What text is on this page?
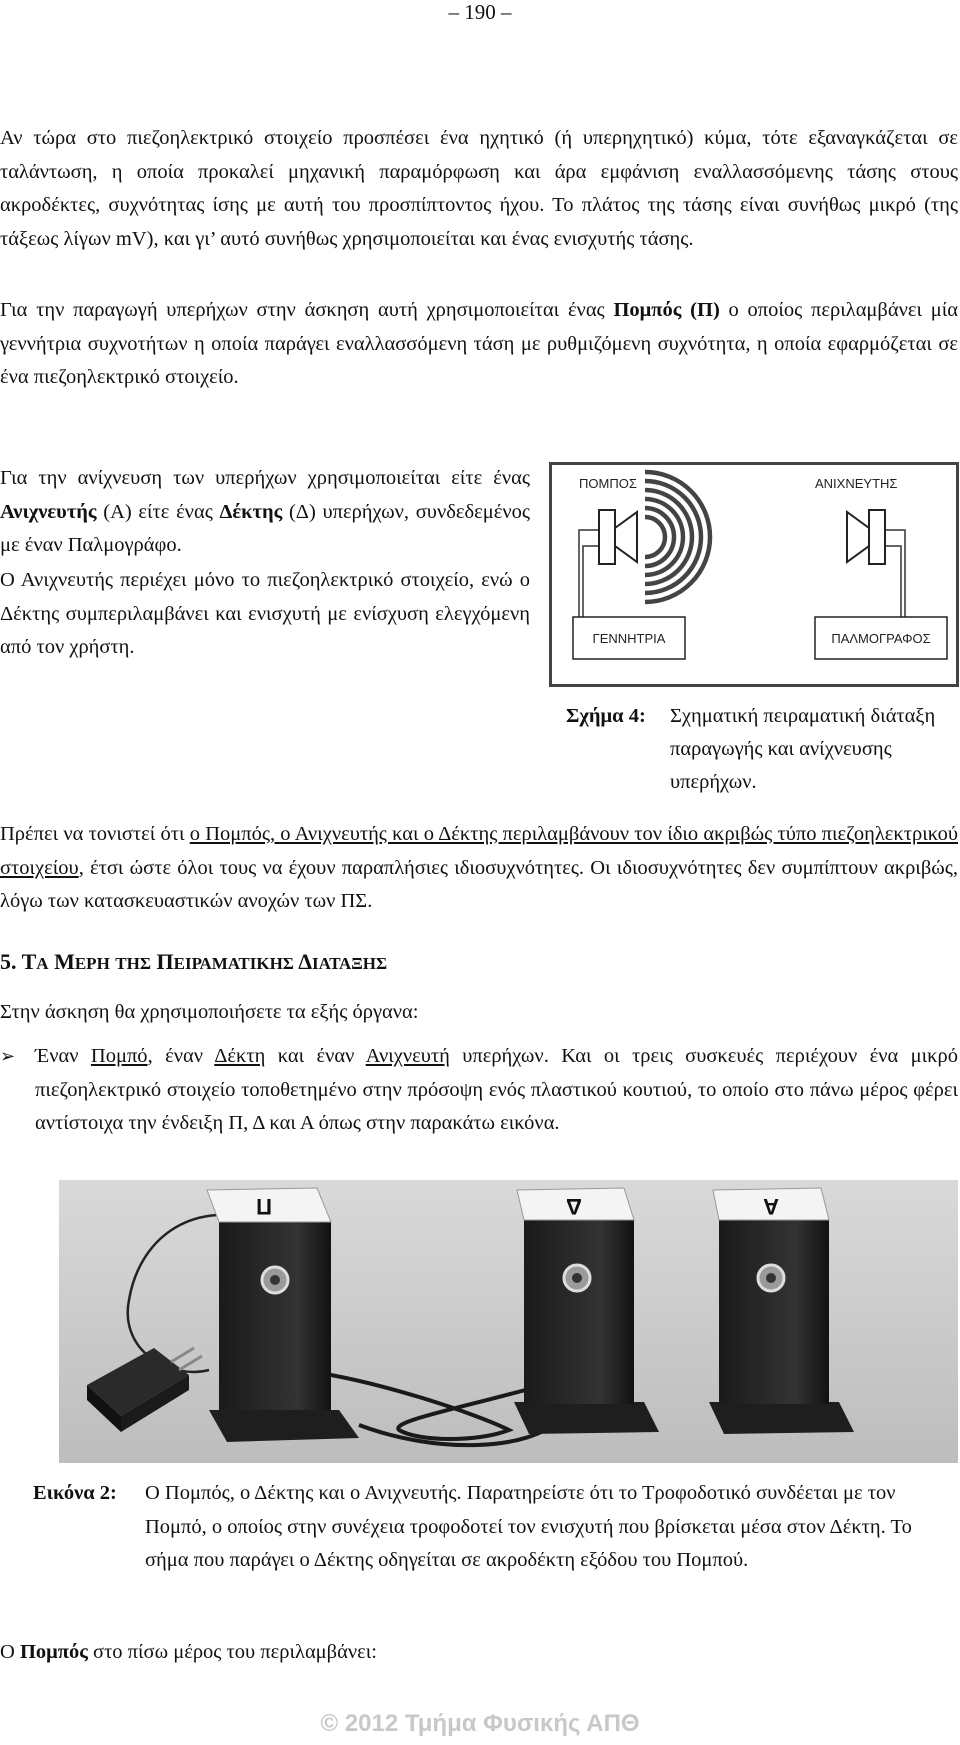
– 190 –

Αν τώρα στο πιεζοηλεκτρικό στοιχείο προσπέσει ένα ηχητικό (ή υπερηχητικό) κύμα, τότε εξαναγκάζεται σε ταλάντωση, η οποία προκαλεί μηχανική παραμόρφωση και άρα εμφάνιση εναλλασσόμενης τάσης στους ακροδέκτες, συχνότητας ίσης με αυτή του προσπίπτοντος ήχου. Το πλάτος της τάσης είναι συνήθως μικρό (της τάξεως λίγων mV), και γι’ αυτό συνήθως χρησιμοποιείται και ένας ενισχυτής τάσης.

Για την παραγωγή υπερήχων στην άσκηση αυτή χρησιμοποιείται ένας Πομπός (Π) ο οποίος περιλαμβάνει μία γεννήτρια συχνοτήτων η οποία παράγει εναλλασσόμενη τάση με ρυθμιζόμενη συχνότητα, η οποία εφαρμόζεται σε ένα πιεζοηλεκτρικό στοιχείο.

Για την ανίχνευση των υπερήχων χρησιμοποιείται είτε ένας Ανιχνευτής (Α) είτε ένας Δέκτης (Δ) υπερήχων, συνδεδεμένος με έναν Παλμογράφο.

Ο Ανιχνευτής περιέχει μόνο το πιεζοηλεκτρικό στοιχείο, ενώ ο Δέκτης συμπεριλαμβάνει και ενισχυτή με ενίσχυση ελεγχόμενη από τον χρήστη.

ΠΟΜΠΟΣ	ΑΝΙΧΝΕΥΤΗΣ
ΓΕΝΝΗΤΡΙΑ	ΠΑΛΜΟΓΡΑΦΟΣ
Σχήμα 4:	Σχηματική πειραματική διάταξη παραγωγής και ανίχνευσης υπερήχων.

Πρέπει να τονιστεί ότι ο Πομπός, ο Ανιχνευτής και ο Δέκτης περιλαμβάνουν τον ίδιο ακριβώς τύπο πιεζοηλεκτρικού στοιχείου, έτσι ώστε όλοι τους να έχουν παραπλήσιες ιδιοσυχνότητες. Οι ιδιοσυχνότητες δεν συμπίπτουν ακριβώς, λόγω των κατασκευαστικών ανοχών των ΠΣ.

5. ΤΑ ΜΕΡΗ ΤΗΣ ΠΕΙΡΑΜΑΤΙΚΗΣ ΔΙΑΤΑΞΗΣ

Στην άσκηση θα χρησιμοποιήσετε τα εξής όργανα:

➢ Έναν Πομπό, έναν Δέκτη και έναν Ανιχνευτή υπερήχων. Και οι τρεις συσκευές περιέχουν ένα μικρό πιεζοηλεκτρικό στοιχείο τοποθετημένο στην πρόσοψη ενός πλαστικού κουτιού, το οποίο στο πάνω μέρος φέρει αντίστοιχα την ένδειξη Π, Δ και Α όπως στην παρακάτω εικόνα.
Π	Δ	A
Εικόνα 2:	Ο Πομπός, ο Δέκτης και ο Ανιχνευτής. Παρατηρείστε ότι το Τροφοδοτικό συνδέεται με τον Πομπό, ο οποίος στην συνέχεια τροφοδοτεί τον ενισχυτή που βρίσκεται μέσα στον Δέκτη. Το σήμα που παράγει ο Δέκτης οδηγείται σε ακροδέκτη εξόδου του Πομπού.

Ο Πομπός στο πίσω μέρος του περιλαμβάνει:

© 2012 Τμήμα Φυσικής ΑΠΘ
